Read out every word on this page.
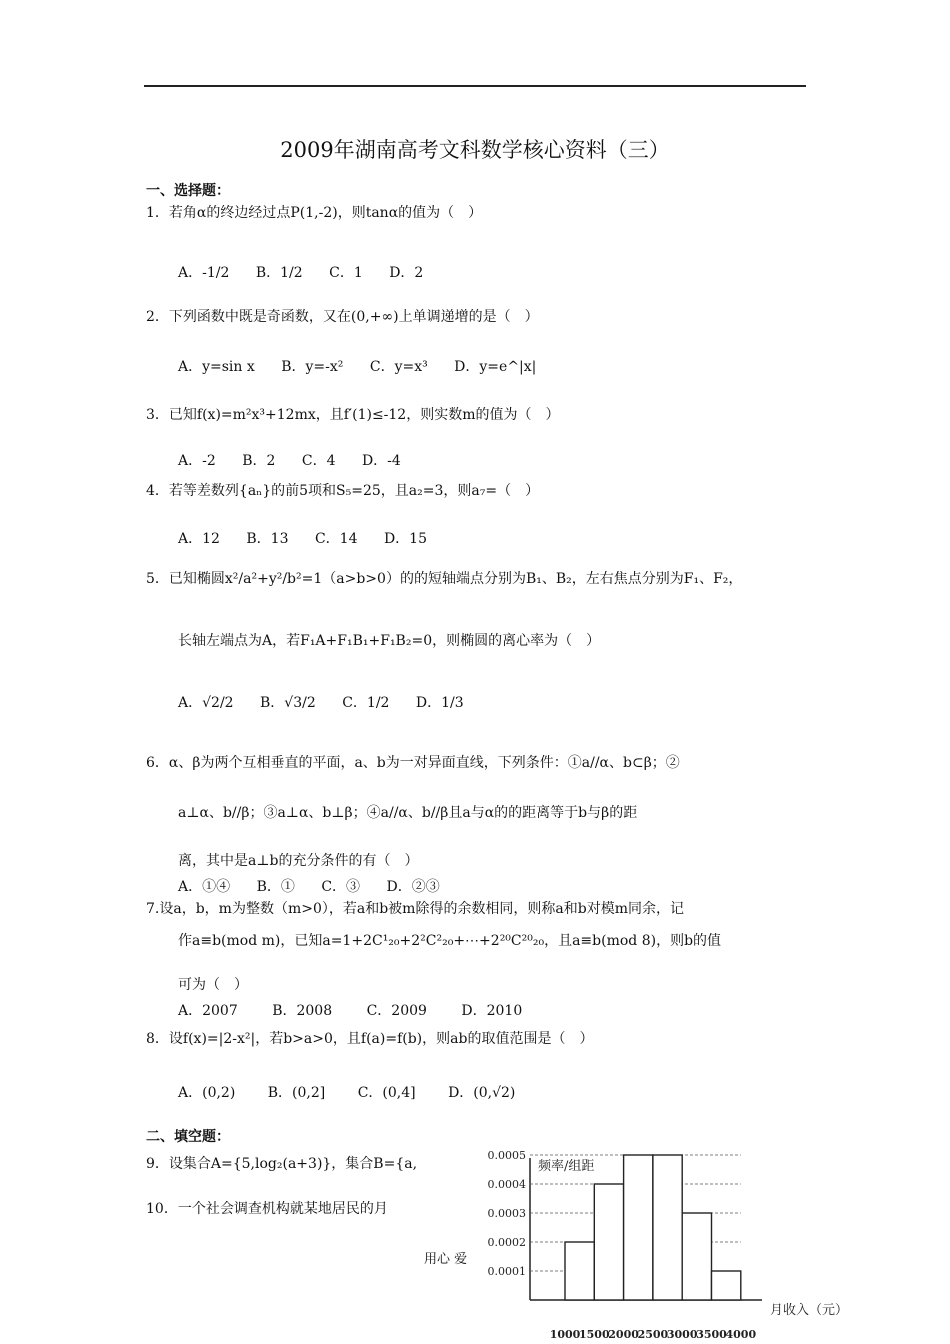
2009年湖南高考文科数学核心资料（三）
一、选择题：
1．若角α的终边经过点P(1,-2)，则tanα的值为（　）
A．-1/2 B．1/2 C．1 D．2
2．下列函数中既是奇函数，又在(0,+∞)上单调递增的是（　）
A．y=sin x B．y=-x² C．y=x³ D．y=e^|x|
3．已知f(x)=m²x³+12mx，且f′(1)≤-12，则实数m的值为（　）
A．-2 B．2 C．4 D．-4
4．若等差数列{aₙ}的前5项和S₅=25，且a₂=3，则a₇=（　）
A．12 B．13 C．14 D．15
5．已知椭圆x²/a²+y²/b²=1（a>b>0）的的短轴端点分别为B₁、B₂，左右焦点分别为F₁、F₂，
长轴左端点为A，若F₁A+F₁B₁+F₁B₂=0，则椭圆的离心率为（　）
A．√2/2 B．√3/2 C．1/2 D．1/3
6．α、β为两个互相垂直的平面，a、b为一对异面直线，下列条件：①a//α、b⊂β；②
a⊥α、b//β；③a⊥α、b⊥β；④a//α、b//β且a与α的的距离等于b与β的距
离，其中是a⊥b的充分条件的有（　）
A．①④ B．① C．③ D．②③
7.设a，b，m为整数（m>0），若a和b被m除得的余数相同，则称a和b对模m同余，记
作a≡b(mod m)，已知a=1+2C¹₂₀+2²C²₂₀+⋯+2²⁰C²⁰₂₀，且a≡b(mod 8)，则b的值
可为（　）
A．2007 B．2008 C．2009 D．2010
8．设f(x)=|2-x²|，若b>a>0，且f(a)=f(b)，则ab的取值范围是（　）
A．(0,2) B．(0,2] C．(0,4] D．(0,√2)
二、填空题：
9．设集合A={5,log₂(a+3)}，集合B={a,
10．一个社会调查机构就某地居民的月
用心 爱
0.0001
0.0002
0.0003
0.0004
0.0005
1000
1500
2000
2500
3000
3500
4000
频率/组距
月收入（元）
